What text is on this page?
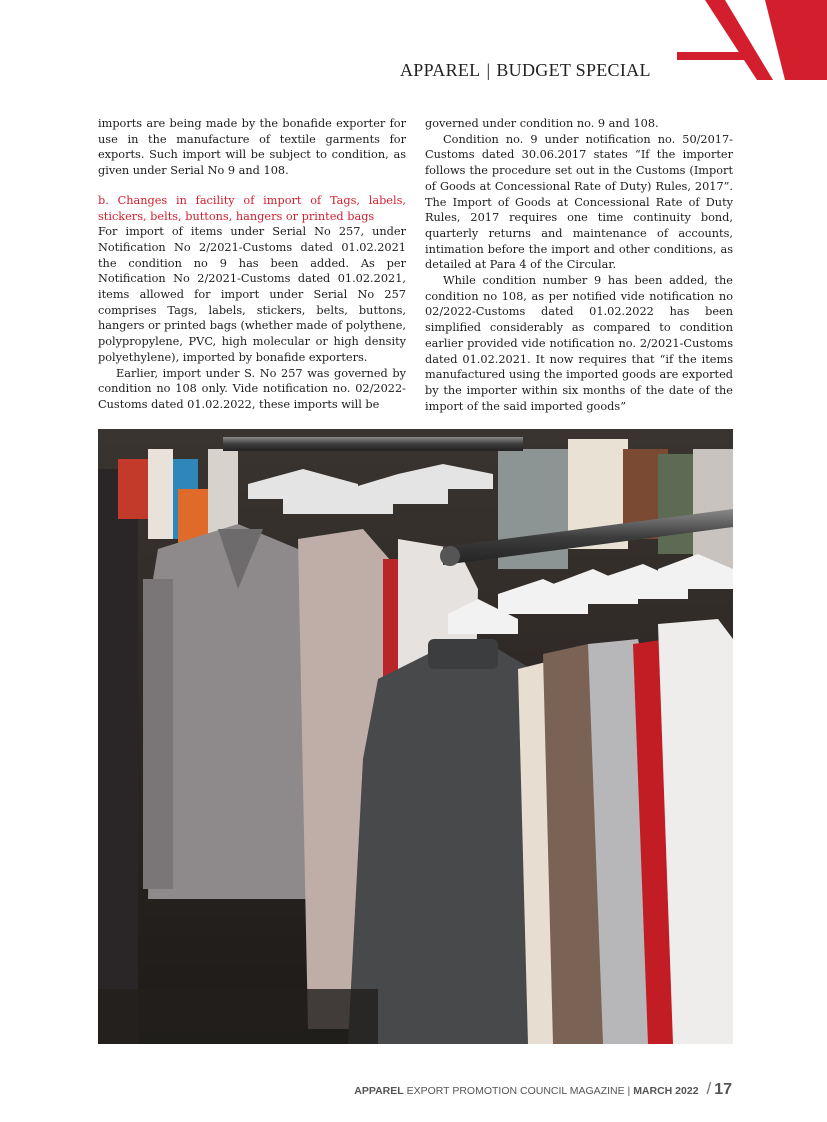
APPAREL | BUDGET SPECIAL

imports are being made by the bonafide exporter for use in the manufacture of textile garments for exports. Such import will be subject to condition, as given under Serial No 9 and 108.

b. Changes in facility of import of Tags, labels, stickers, belts, buttons, hangers or printed bags

For import of items under Serial No 257, under Notification No 2/2021-Customs dated 01.02.2021 the condition no 9 has been added. As per Notification No 2/2021-Customs dated 01.02.2021, items allowed for import under Serial No 257 comprises Tags, labels, stickers, belts, buttons, hangers or printed bags (whether made of polythene, polypropylene, PVC, high molecular or high density polyethylene), imported by bonafide exporters.

Earlier, import under S. No 257 was governed by condition no 108 only. Vide notification no. 02/2022-Customs dated 01.02.2022, these imports will be

governed under condition no. 9 and 108.

Condition no. 9 under notification no. 50/2017-Customs dated 30.06.2017 states “If the importer follows the procedure set out in the Customs (Import of Goods at Concessional Rate of Duty) Rules, 2017”. The Import of Goods at Concessional Rate of Duty Rules, 2017 requires one time continuity bond, quarterly returns and maintenance of accounts, intimation before the import and other conditions, as detailed at Para 4 of the Circular.

While condition number 9 has been added, the condition no 108, as per notified vide notification no 02/2022-Customs dated 01.02.2022 has been simplified considerably as compared to condition earlier provided vide notification no. 2/2021-Customs dated 01.02.2021. It now requires that “if the items manufactured using the imported goods are exported by the importer within six months of the date of the import of the said imported goods”

APPAREL EXPORT PROMOTION COUNCIL MAGAZINE | MARCH 2022 / 17
